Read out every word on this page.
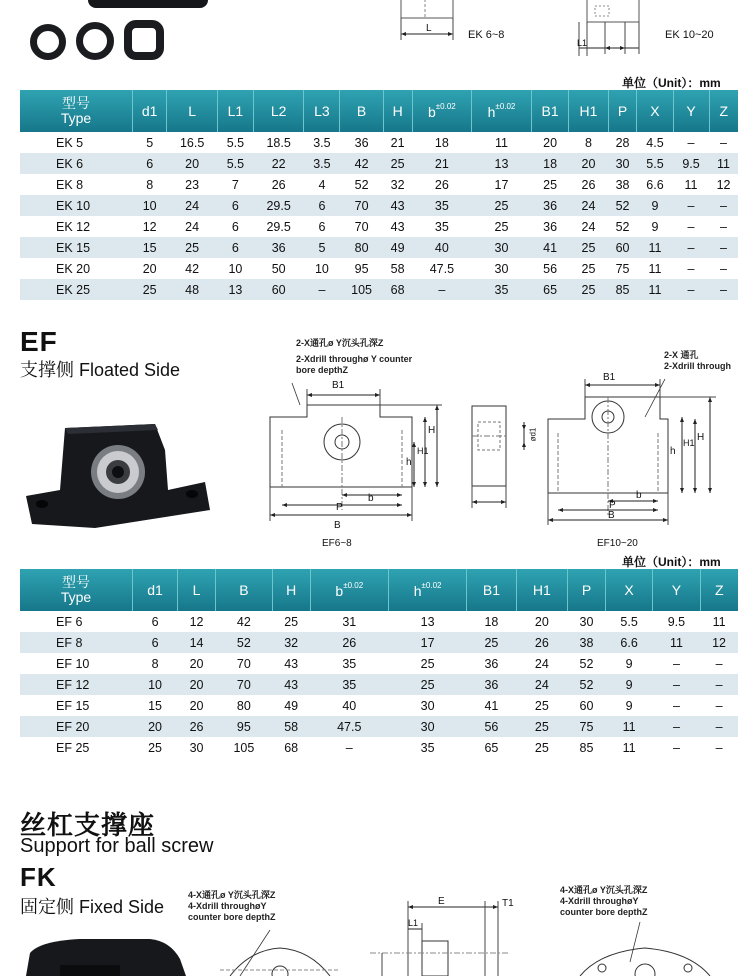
L
EK 6~8
L1
EK 10~20
单位（Unit）：mm
型号
Type	d1	L	L1	L2	L3	B	H	$b^{\pm 0.02}$	$h^{\pm 0.02}$	B1	H1	P	X	Y	Z
EK 5	5	16.5	5.5	18.5	3.5	36	21	18	11	20	8	28	4.5	–	–
EK 6	6	20	5.5	22	3.5	42	25	21	13	18	20	30	5.5	9.5	11
EK 8	8	23	7	26	4	52	32	26	17	25	26	38	6.6	11	12
EK 10	10	24	6	29.5	6	70	43	35	25	36	24	52	9	–	–
EK 12	12	24	6	29.5	6	70	43	35	25	36	24	52	9	–	–
EK 15	15	25	6	36	5	80	49	40	30	41	25	60	11	–	–
EK 20	20	42	10	50	10	95	58	47.5	30	56	25	75	11	–	–
EK 25	25	48	13	60	–	105	68	–	35	65	25	85	11	–	–
EF
支撑侧 Floated Side
2-X通孔ø Y沉头孔深Z
2-Xdrill throughø Y counter
bore depthZ
2-X 通孔
2-Xdrill through
B1
H
H1
h
b
P
B
EF6~8
ød1
B1
H
H1
h
b
P
B
EF10~20
单位（Unit）：mm
型号
Type	d1	L	B	H	$b^{\pm 0.02}$	$h^{\pm 0.02}$	B1	H1	P	X	Y	Z
EF 6	6	12	42	25	31	13	18	20	30	5.5	9.5	11
EF 8	6	14	52	32	26	17	25	26	38	6.6	11	12
EF 10	8	20	70	43	35	25	36	24	52	9	–	–
EF 12	10	20	70	43	35	25	36	24	52	9	–	–
EF 15	15	20	80	49	40	30	41	25	60	9	–	–
EF 20	20	26	95	58	47.5	30	56	25	75	11	–	–
EF 25	25	30	105	68	–	35	65	25	85	11	–	–
丝杠支撑座
Support for ball screw
FK
固定侧 Fixed Side
4-X通孔ø Y沉头孔深Z
4-Xdrill throughøY
counter bore depthZ
4-X通孔ø Y沉头孔深Z
4-Xdrill throughøY
counter bore depthZ
E	T1
L1
